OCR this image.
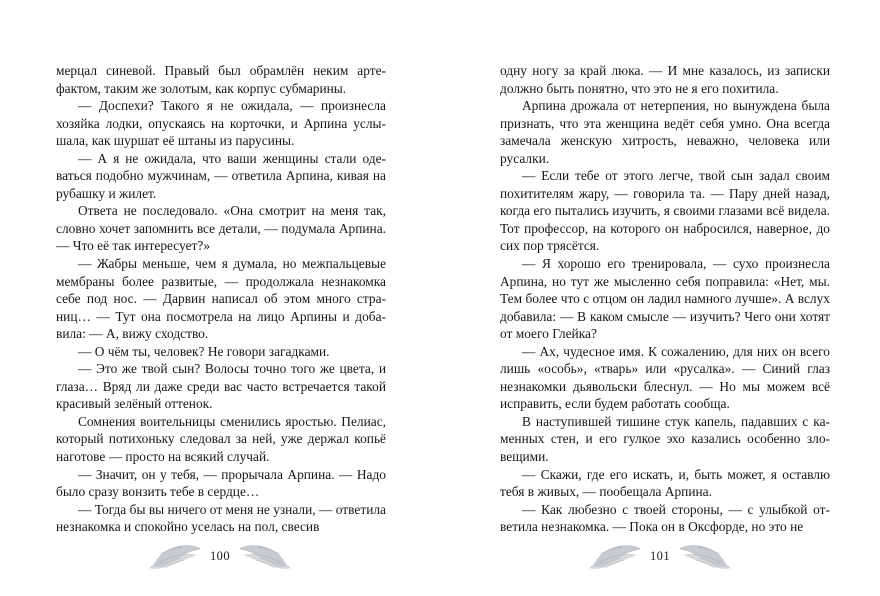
мерцал синевой. Правый был обрамлён неким артефактом, таким же золотым, как корпус субмарины.

— Доспехи? Такого я не ожидала, — произнесла хозяйка лодки, опускаясь на корточки, и Арпина услышала, как шуршат её штаны из парусины.

— А я не ожидала, что ваши женщины стали одеваться подобно мужчинам, — ответила Арпина, кивая на рубашку и жилет.

Ответа не последовало. «Она смотрит на меня так, словно хочет запомнить все детали, — подумала Арпина. — Что её так интересует?»

— Жабры меньше, чем я думала, но межпальцевые мембраны более развитые, — продолжала незнакомка себе под нос. — Дарвин написал об этом много страниц… — Тут она посмотрела на лицо Арпины и добавила: — А, вижу сходство.

— О чём ты, человек? Не говори загадками.

— Это же твой сын? Волосы точно того же цвета, и глаза… Вряд ли даже среди вас часто встречается такой красивый зелёный оттенок.

Сомнения воительницы сменились яростью. Пелиас, который потихоньку следовал за ней, уже держал копьё наготове — просто на всякий случай.

— Значит, он у тебя, — прорычала Арпина. — Надо было сразу вонзить тебе в сердце…

— Тогда бы вы ничего от меня не узнали, — ответила незнакомка и спокойно уселась на пол, свесив

100

одну ногу за край люка. — И мне казалось, из записки должно быть понятно, что это не я его похитила.

Арпина дрожала от нетерпения, но вынуждена была признать, что эта женщина ведёт себя умно. Она всегда замечала женскую хитрость, неважно, человека или русалки.

— Если тебе от этого легче, твой сын задал своим похитителям жару, — говорила та. — Пару дней назад, когда его пытались изучить, я своими глазами всё видела. Тот профессор, на которого он набросился, наверное, до сих пор трясётся.

— Я хорошо его тренировала, — сухо произнесла Арпина, но тут же мысленно себя поправила: «Нет, мы. Тем более что с отцом он ладил намного лучше». А вслух добавила: — В каком смысле — изучить? Чего они хотят от моего Глейка?

— Ах, чудесное имя. К сожалению, для них он всего лишь «особь», «тварь» или «русалка». — Синий глаз незнакомки дьявольски блеснул. — Но мы можем всё исправить, если будем работать сообща.

В наступившей тишине стук капель, падавших с каменных стен, и его гулкое эхо казались особенно зловещими.

— Скажи, где его искать, и, быть может, я оставлю тебя в живых, — пообещала Арпина.

— Как любезно с твоей стороны, — с улыбкой ответила незнакомка. — Пока он в Оксфорде, но это не

101
